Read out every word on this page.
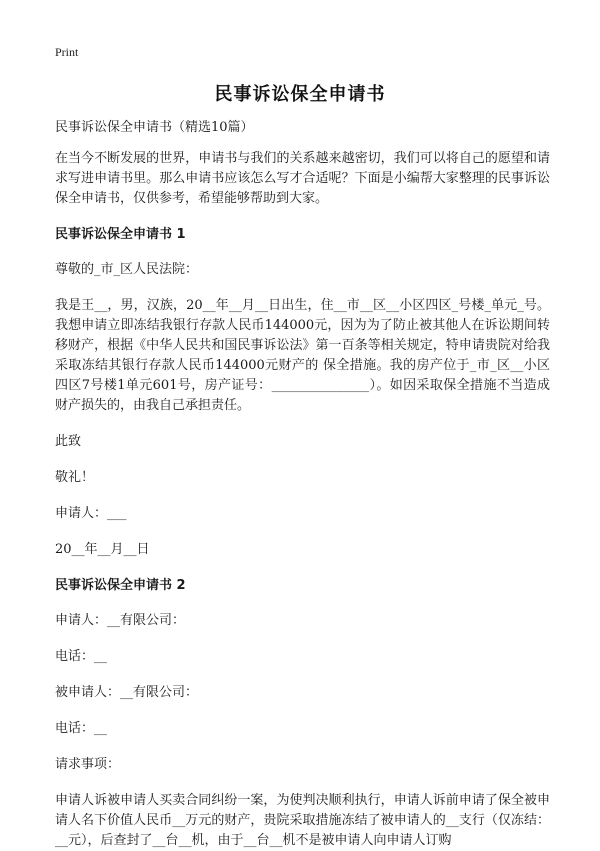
Print
民事诉讼保全申请书

民事诉讼保全申请书（精选10篇）

在当今不断发展的世界，申请书与我们的关系越来越密切，我们可以将自己的愿望和请求写进申请书里。那么申请书应该怎么写才合适呢？下面是小编帮大家整理的民事诉讼保全申请书，仅供参考，希望能够帮助到大家。

民事诉讼保全申请书 1

尊敬的_市_区人民法院：

我是王__，男，汉族，20__年__月__日出生，住__市__区__小区四区_号楼_单元_号。我想申请立即冻结我银行存款人民币144000元，因为为了防止被其他人在诉讼期间转移财产，根据《中华人民共和国民事诉讼法》第一百条等相关规定，特申请贵院对给我采取冻结其银行存款人民币144000元财产的 保全措施。我的房产位于_市_区__小区四区7号楼1单元601号，房产证号：_______________）。如因采取保全措施不当造成财产损失的，由我自己承担责任。

此致

敬礼！

申请人：___

20__年__月__日

民事诉讼保全申请书 2

申请人：__有限公司：

电话：__

被申请人：__有限公司：

电话：__

请求事项：

申请人诉被申请人买卖合同纠纷一案，为使判决顺利执行，申请人诉前申请了保全被申请人名下价值人民币__万元的财产，贵院采取措施冻结了被申请人的__支行（仅冻结：__元），后查封了__台__机，由于__台__机不是被申请人向申请人订购
